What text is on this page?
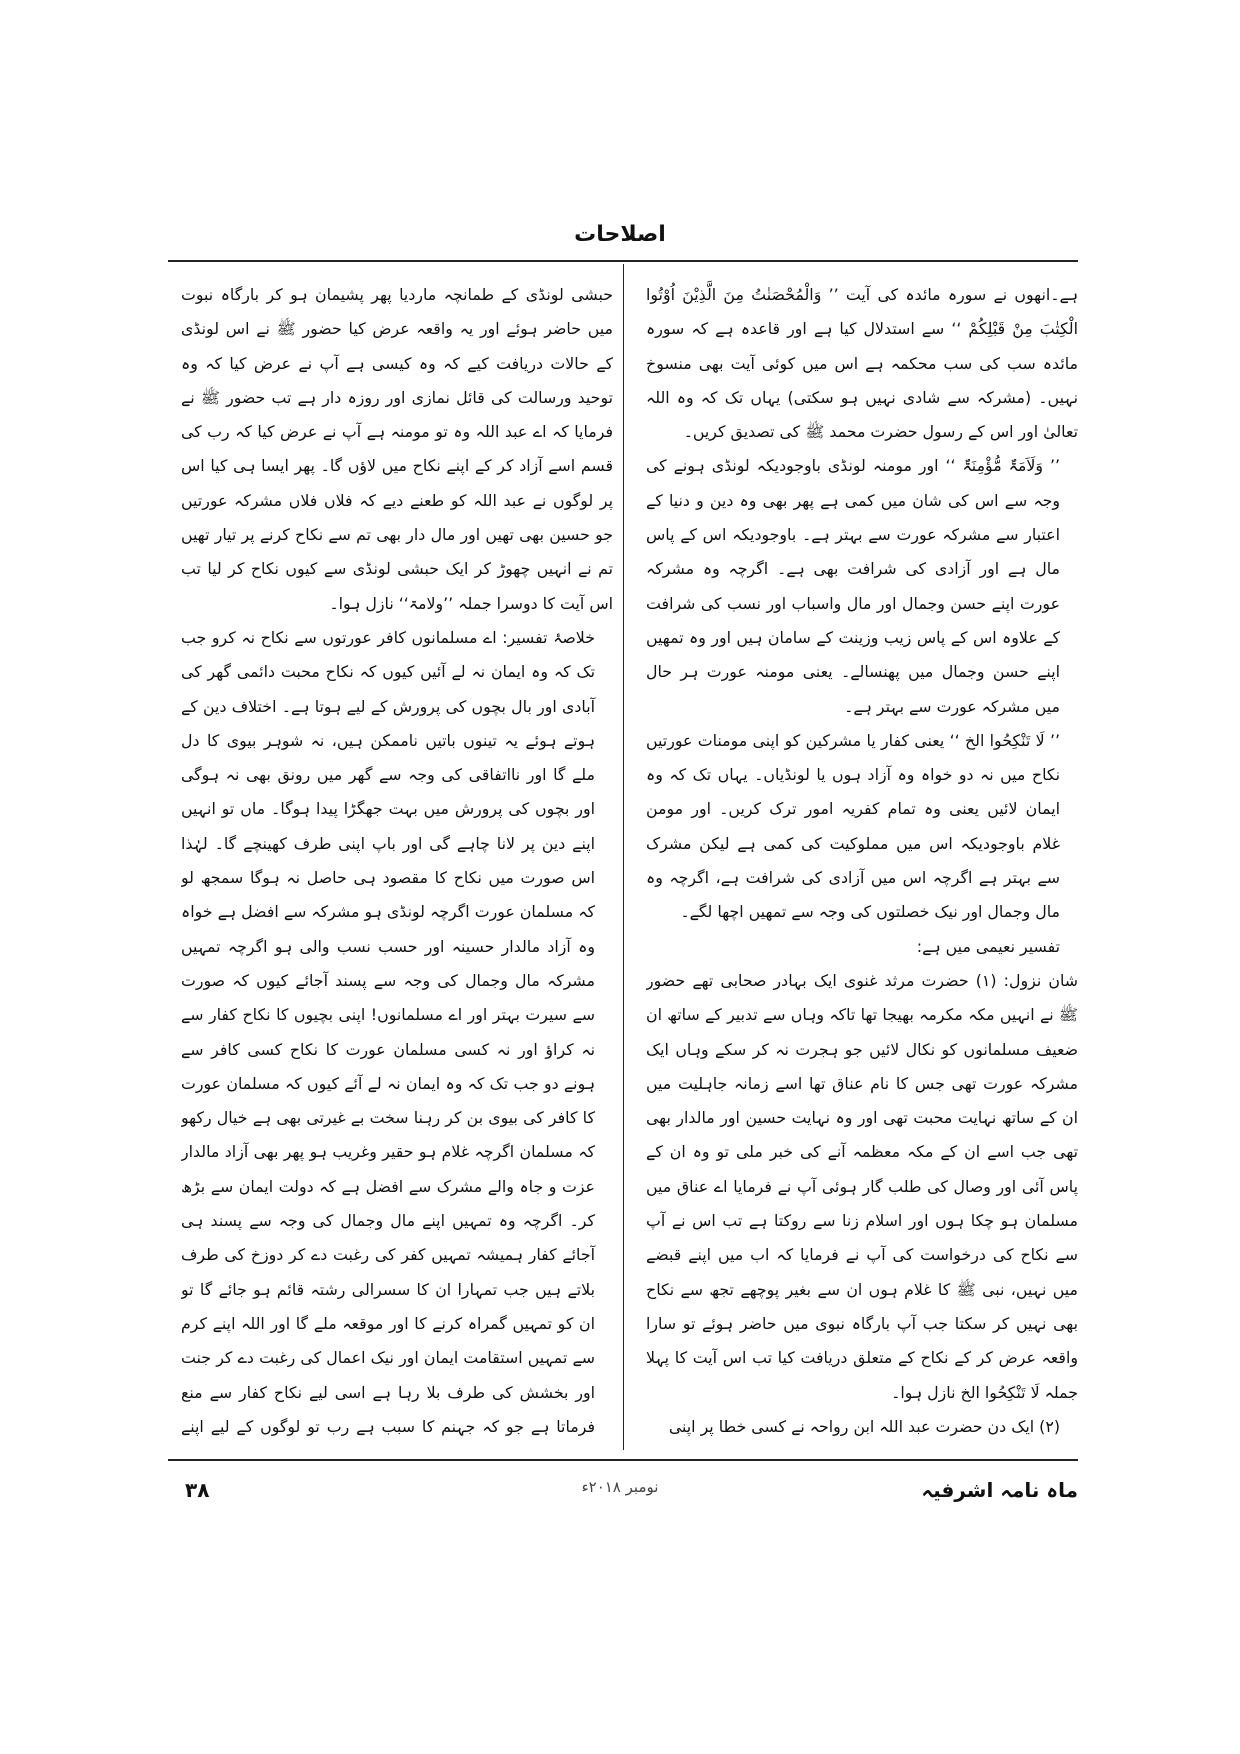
اصلاحات

ہے۔انھوں نے سورہ مائدہ کی آیت ’’ وَالْمُحْصَنٰتُ مِنَ الَّذِیْنَ اُوْتُوا الْکِتٰبَ مِنْ قَبْلِکُمْ ‘‘ سے استدلال کیا ہے اور قاعدہ ہے کہ سورہ مائدہ سب کی سب محکمہ ہے اس میں کوئی آیت بھی منسوخ نہیں۔ (مشرکہ سے شادی نہیں ہو سکتی) یہاں تک کہ وہ اللہ تعالیٰ اور اس کے رسول حضرت محمد ﷺ کی تصدیق کریں۔

’’ وَلَاَمَۃٌ مُّؤْمِنَۃٌ ‘‘ اور مومنہ لونڈی باوجودیکہ لونڈی ہونے کی وجہ سے اس کی شان میں کمی ہے پھر بھی وہ دین و دنیا کے اعتبار سے مشرکہ عورت سے بہتر ہے۔ باوجودیکہ اس کے پاس مال ہے اور آزادی کی شرافت بھی ہے۔ اگرچہ وہ مشرکہ عورت اپنے حسن وجمال اور مال واسباب اور نسب کی شرافت کے علاوہ اس کے پاس زیب وزینت کے سامان ہیں اور وہ تمھیں اپنے حسن وجمال میں پھنسالے۔ یعنی مومنہ عورت ہر حال میں مشرکہ عورت سے بہتر ہے۔

’’ لَا تَنْکِحُوا الخ ‘‘ یعنی کفار یا مشرکین کو اپنی مومنات عورتیں نکاح میں نہ دو خواہ وہ آزاد ہوں یا لونڈیاں۔ یہاں تک کہ وہ ایمان لائیں یعنی وہ تمام کفریہ امور ترک کریں۔ اور مومن غلام باوجودیکہ اس میں مملوکیت کی کمی ہے لیکن مشرک سے بہتر ہے اگرچہ اس میں آزادی کی شرافت ہے، اگرچہ وہ مال وجمال اور نیک خصلتوں کی وجہ سے تمھیں اچھا لگے۔

تفسیر نعیمی میں ہے:

شان نزول: (۱) حضرت مرثد غنوی ایک بہادر صحابی تھے حضور ﷺ نے انہیں مکہ مکرمہ بھیجا تھا تاکہ وہاں سے تدبیر کے ساتھ ان ضعیف مسلمانوں کو نکال لائیں جو ہجرت نہ کر سکے وہاں ایک مشرکہ عورت تھی جس کا نام عناق تھا اسے زمانہ جاہلیت میں ان کے ساتھ نہایت محبت تھی اور وہ نہایت حسین اور مالدار بھی تھی جب اسے ان کے مکہ معظمہ آنے کی خبر ملی تو وہ ان کے پاس آئی اور وصال کی طلب گار ہوئی آپ نے فرمایا اے عناق میں مسلمان ہو چکا ہوں اور اسلام زنا سے روکتا ہے تب اس نے آپ سے نکاح کی درخواست کی آپ نے فرمایا کہ اب میں اپنے قبضے میں نہیں، نبی ﷺ کا غلام ہوں ان سے بغیر پوچھے تجھ سے نکاح بھی نہیں کر سکتا جب آپ بارگاہ نبوی میں حاضر ہوئے تو سارا واقعہ عرض کر کے نکاح کے متعلق دریافت کیا تب اس آیت کا پہلا جملہ لَا تَنْکِحُوا الخ نازل ہوا۔

(۲) ایک دن حضرت عبد اللہ ابن رواحہ نے کسی خطا پر اپنی

حبشی لونڈی کے طمانچہ ماردیا پھر پشیمان ہو کر بارگاہ نبوت میں حاضر ہوئے اور یہ واقعہ عرض کیا حضور ﷺ نے اس لونڈی کے حالات دریافت کیے کہ وہ کیسی ہے آپ نے عرض کیا کہ وہ توحید ورسالت کی قائل نمازی اور روزہ دار ہے تب حضور ﷺ نے فرمایا کہ اے عبد اللہ وہ تو مومنہ ہے آپ نے عرض کیا کہ رب کی قسم اسے آزاد کر کے اپنے نکاح میں لاؤں گا۔ پھر ایسا ہی کیا اس پر لوگوں نے عبد اللہ کو طعنے دیے کہ فلاں فلاں مشرکہ عورتیں جو حسین بھی تھیں اور مال دار بھی تم سے نکاح کرنے پر تیار تھیں تم نے انہیں چھوڑ کر ایک حبشی لونڈی سے کیوں نکاح کر لیا تب اس آیت کا دوسرا جملہ ’’ولامۃ‘‘ نازل ہوا۔

خلاصۂ تفسیر: اے مسلمانوں کافر عورتوں سے نکاح نہ کرو جب تک کہ وہ ایمان نہ لے آئیں کیوں کہ نکاح محبت دائمی گھر کی آبادی اور بال بچوں کی پرورش کے لیے ہوتا ہے۔ اختلاف دین کے ہوتے ہوئے یہ تینوں باتیں ناممکن ہیں، نہ شوہر بیوی کا دل ملے گا اور نااتفاقی کی وجہ سے گھر میں رونق بھی نہ ہوگی اور بچوں کی پرورش میں بہت جھگڑا پیدا ہوگا۔ ماں تو انہیں اپنے دین پر لانا چاہے گی اور باپ اپنی طرف کھینچے گا۔ لہٰذا اس صورت میں نکاح کا مقصود ہی حاصل نہ ہوگا سمجھ لو کہ مسلمان عورت اگرچہ لونڈی ہو مشرکہ سے افضل ہے خواہ وہ آزاد مالدار حسینہ اور حسب نسب والی ہو اگرچہ تمہیں مشرکہ مال وجمال کی وجہ سے پسند آجائے کیوں کہ صورت سے سیرت بہتر اور اے مسلمانوں! اپنی بچیوں کا نکاح کفار سے نہ کراؤ اور نہ کسی مسلمان عورت کا نکاح کسی کافر سے ہونے دو جب تک کہ وہ ایمان نہ لے آئے کیوں کہ مسلمان عورت کا کافر کی بیوی بن کر رہنا سخت بے غیرتی بھی ہے خیال رکھو کہ مسلمان اگرچہ غلام ہو حقیر وغریب ہو پھر بھی آزاد مالدار عزت و جاہ والے مشرک سے افضل ہے کہ دولت ایمان سے بڑھ کر۔ اگرچہ وہ تمہیں اپنے مال وجمال کی وجہ سے پسند ہی آجائے کفار ہمیشہ تمہیں کفر کی رغبت دے کر دوزخ کی طرف بلاتے ہیں جب تمہارا ان کا سسرالی رشتہ قائم ہو جائے گا تو ان کو تمہیں گمراہ کرنے کا اور موقعہ ملے گا اور اللہ اپنے کرم سے تمہیں استقامت ایمان اور نیک اعمال کی رغبت دے کر جنت اور بخشش کی طرف بلا رہا ہے اسی لیے نکاح کفار سے منع فرماتا ہے جو کہ جہنم کا سبب ہے رب تو لوگوں کے لیے اپنے

ماہ نامہ اشرفیہ
نومبر ۲۰۱۸ء
۳۸
